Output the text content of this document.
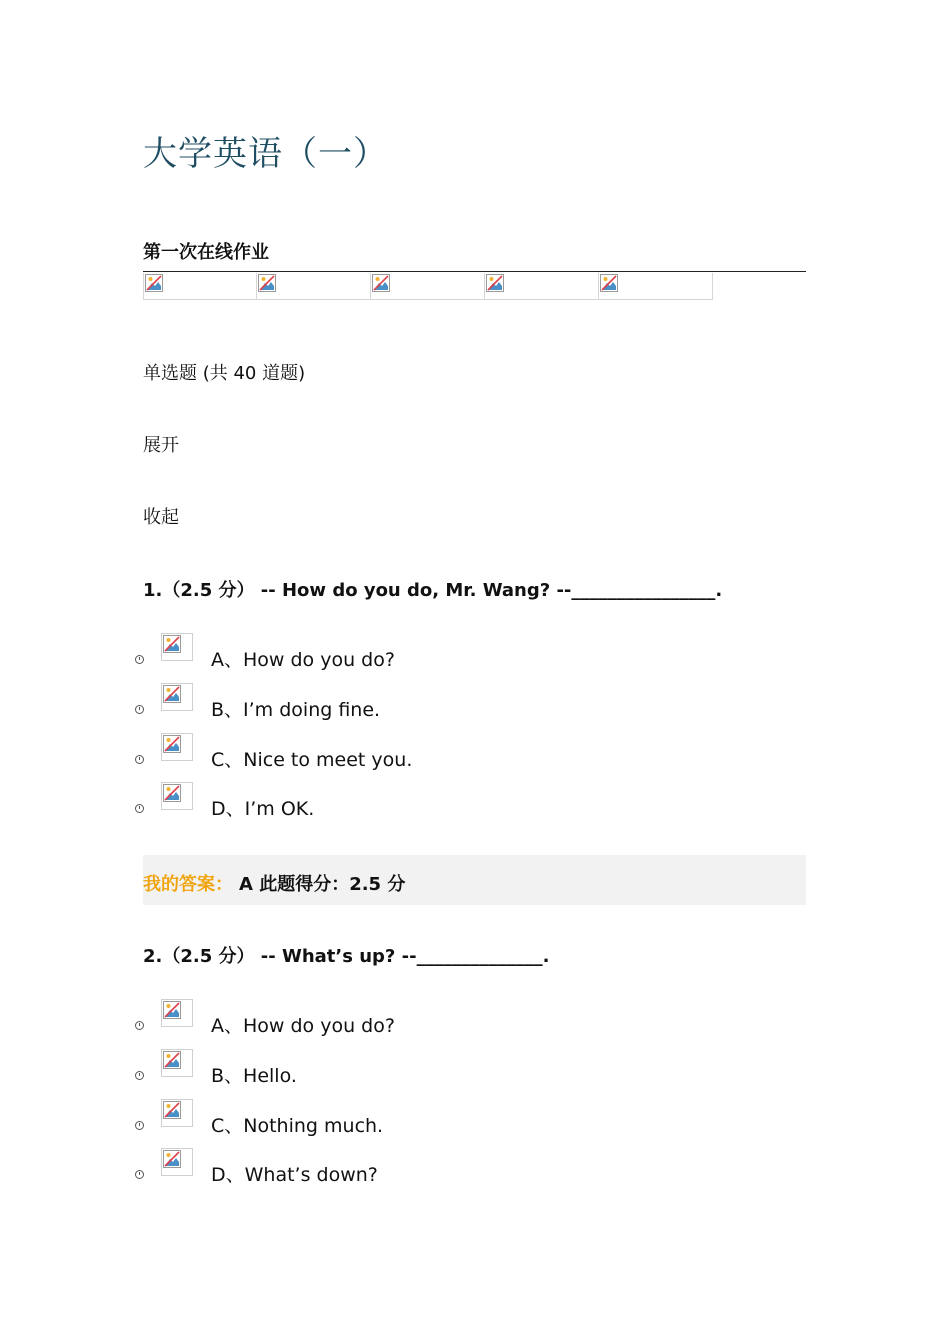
大学英语（一）
第一次在线作业
单选题 (共 40 道题)
展开
收起
1.（2.5 分） -- How do you do, Mr. Wang? --________________.
A、How do you do?
B、I’m doing fine.
C、Nice to meet you.
D、I’m OK.
我的答案： A 此题得分：2.5 分
2.（2.5 分） -- What’s up? --______________.
A、How do you do?
B、Hello.
C、Nothing much.
D、What’s down?
